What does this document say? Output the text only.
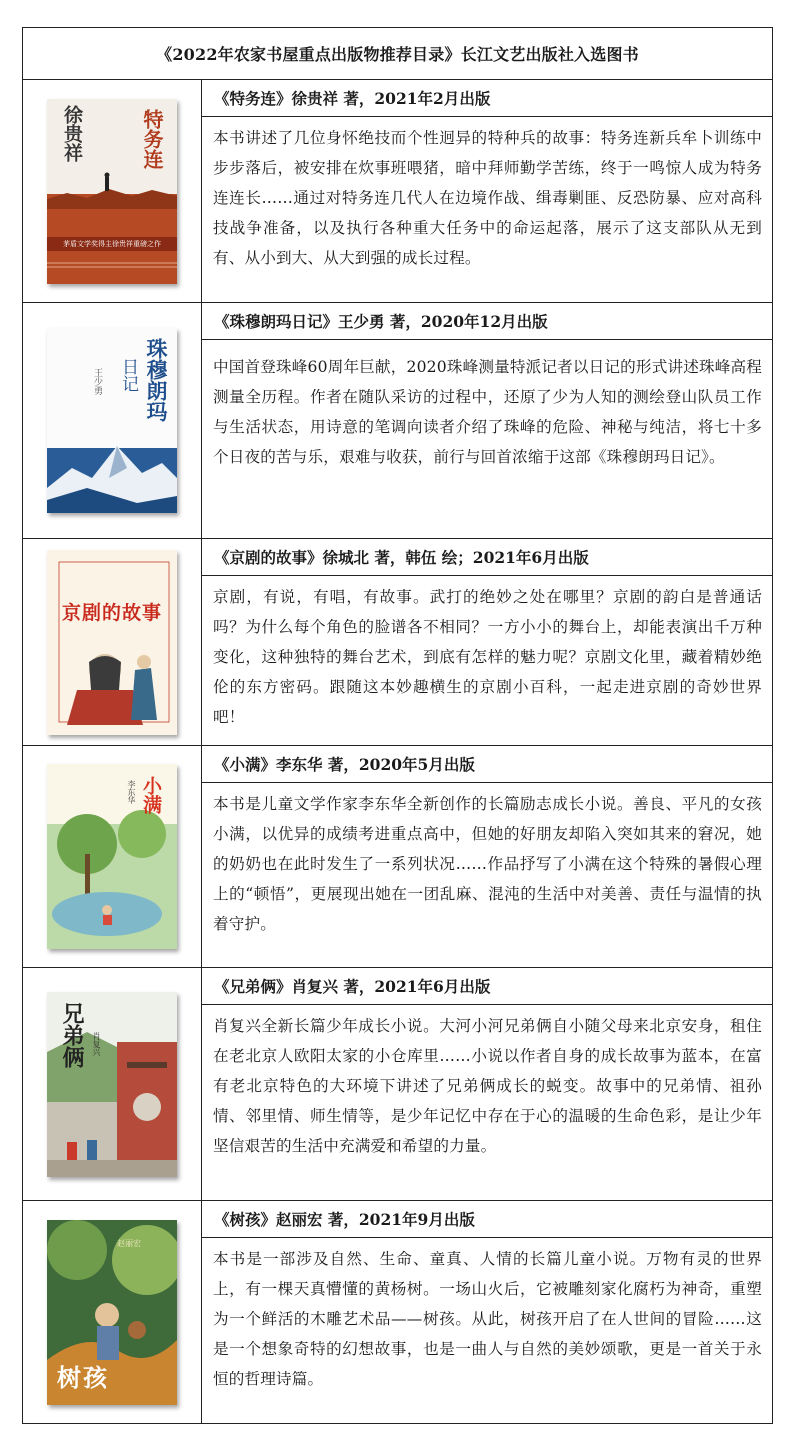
《2022年农家书屋重点出版物推荐目录》长江文艺出版社入选图书
特务连
徐贵祥
茅盾文学奖得主徐贵祥重磅之作
《特务连》徐贵祥 著，2021年2月出版
本书讲述了几位身怀绝技而个性迥异的特种兵的故事：特务连新兵牟卜训练中步步落后，被安排在炊事班喂猪，暗中拜师勤学苦练，终于一鸣惊人成为特务连连长……通过对特务连几代人在边境作战、缉毒剿匪、反恐防暴、应对高科技战争准备，以及执行各种重大任务中的命运起落，展示了这支部队从无到有、从小到大、从大到强的成长过程。
珠穆朗玛
日记
王少勇
《珠穆朗玛日记》王少勇 著，2020年12月出版
中国首登珠峰60周年巨献，2020珠峰测量特派记者以日记的形式讲述珠峰高程测量全历程。作者在随队采访的过程中，还原了少为人知的测绘登山队员工作与生活状态，用诗意的笔调向读者介绍了珠峰的危险、神秘与纯洁，将七十多个日夜的苦与乐，艰难与收获，前行与回首浓缩于这部《珠穆朗玛日记》。
京剧的故事
《京剧的故事》徐城北 著，韩伍 绘；2021年6月出版
京剧，有说，有唱，有故事。武打的绝妙之处在哪里？京剧的韵白是普通话吗？为什么每个角色的脸谱各不相同？一方小小的舞台上，却能表演出千万种变化，这种独特的舞台艺术，到底有怎样的魅力呢？京剧文化里，藏着精妙绝伦的东方密码。跟随这本妙趣横生的京剧小百科，一起走进京剧的奇妙世界吧！
小满
李东华
《小满》李东华 著，2020年5月出版
本书是儿童文学作家李东华全新创作的长篇励志成长小说。善良、平凡的女孩小满，以优异的成绩考进重点高中，但她的好朋友却陷入突如其来的窘况，她的奶奶也在此时发生了一系列状况……作品抒写了小满在这个特殊的暑假心理上的“顿悟”，更展现出她在一团乱麻、混沌的生活中对美善、责任与温情的执着守护。
兄弟俩 肖复兴
《兄弟俩》肖复兴 著，2021年6月出版
肖复兴全新长篇少年成长小说。大河小河兄弟俩自小随父母来北京安身，租住在老北京人欧阳太家的小仓库里……小说以作者自身的成长故事为蓝本，在富有老北京特色的大环境下讲述了兄弟俩成长的蜕变。故事中的兄弟情、祖孙情、邻里情、师生情等，是少年记忆中存在于心的温暖的生命色彩，是让少年坚信艰苦的生活中充满爱和希望的力量。
树孩
赵丽宏
《树孩》赵丽宏 著，2021年9月出版
本书是一部涉及自然、生命、童真、人情的长篇儿童小说。万物有灵的世界上，有一棵天真懵懂的黄杨树。一场山火后，它被雕刻家化腐朽为神奇，重塑为一个鲜活的木雕艺术品——树孩。从此，树孩开启了在人世间的冒险……这是一个想象奇特的幻想故事，也是一曲人与自然的美妙颂歌，更是一首关于永恒的哲理诗篇。
